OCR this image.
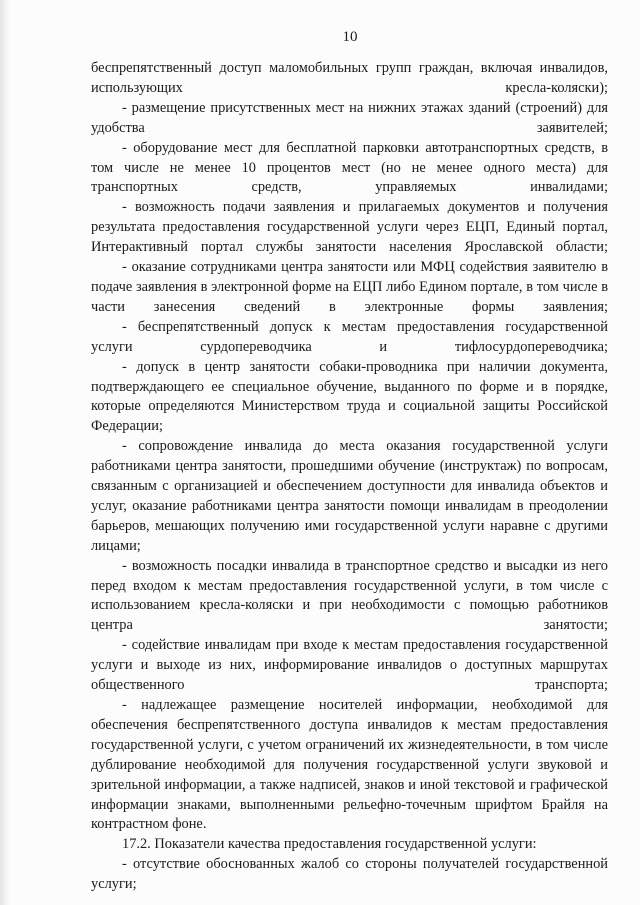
10

беспрепятственный доступ маломобильных групп граждан, включая инвалидов, использующих кресла-коляски);

- размещение присутственных мест на нижних этажах зданий (строений) для удобства заявителей;

- оборудование мест для бесплатной парковки автотранспортных средств, в том числе не менее 10 процентов мест (но не менее одного места) для транспортных средств, управляемых инвалидами;

- возможность подачи заявления и прилагаемых документов и получения результата предоставления государственной услуги через ЕЦП, Единый портал, Интерактивный портал службы занятости населения Ярославской области;

- оказание сотрудниками центра занятости или МФЦ содействия заявителю в подаче заявления в электронной форме на ЕЦП либо Едином портале, в том числе в части занесения сведений в электронные формы заявления;

- беспрепятственный допуск к местам предоставления государственной услуги сурдопереводчика и тифлосурдопереводчика;

- допуск в центр занятости собаки-проводника при наличии документа, подтверждающего ее специальное обучение, выданного по форме и в порядке, которые определяются Министерством труда и социальной защиты Российской Федерации;

- сопровождение инвалида до места оказания государственной услуги работниками центра занятости, прошедшими обучение (инструктаж) по вопросам, связанным с организацией и обеспечением доступности для инвалида объектов и услуг, оказание работниками центра занятости помощи инвалидам в преодолении барьеров, мешающих получению ими государственной услуги наравне с другими лицами;

- возможность посадки инвалида в транспортное средство и высадки из него перед входом к местам предоставления государственной услуги, в том числе с использованием кресла-коляски и при необходимости с помощью работников центра занятости;

- содействие инвалидам при входе к местам предоставления государственной услуги и выходе из них, информирование инвалидов о доступных маршрутах общественного транспорта;

- надлежащее размещение носителей информации, необходимой для обеспечения беспрепятственного доступа инвалидов к местам предоставления государственной услуги, с учетом ограничений их жизнедеятельности, в том числе дублирование необходимой для получения государственной услуги звуковой и зрительной информации, а также надписей, знаков и иной текстовой и графической информации знаками, выполненными рельефно-точечным шрифтом Брайля на контрастном фоне.

17.2. Показатели качества предоставления государственной услуги:

- отсутствие обоснованных жалоб со стороны получателей государственной услуги;
